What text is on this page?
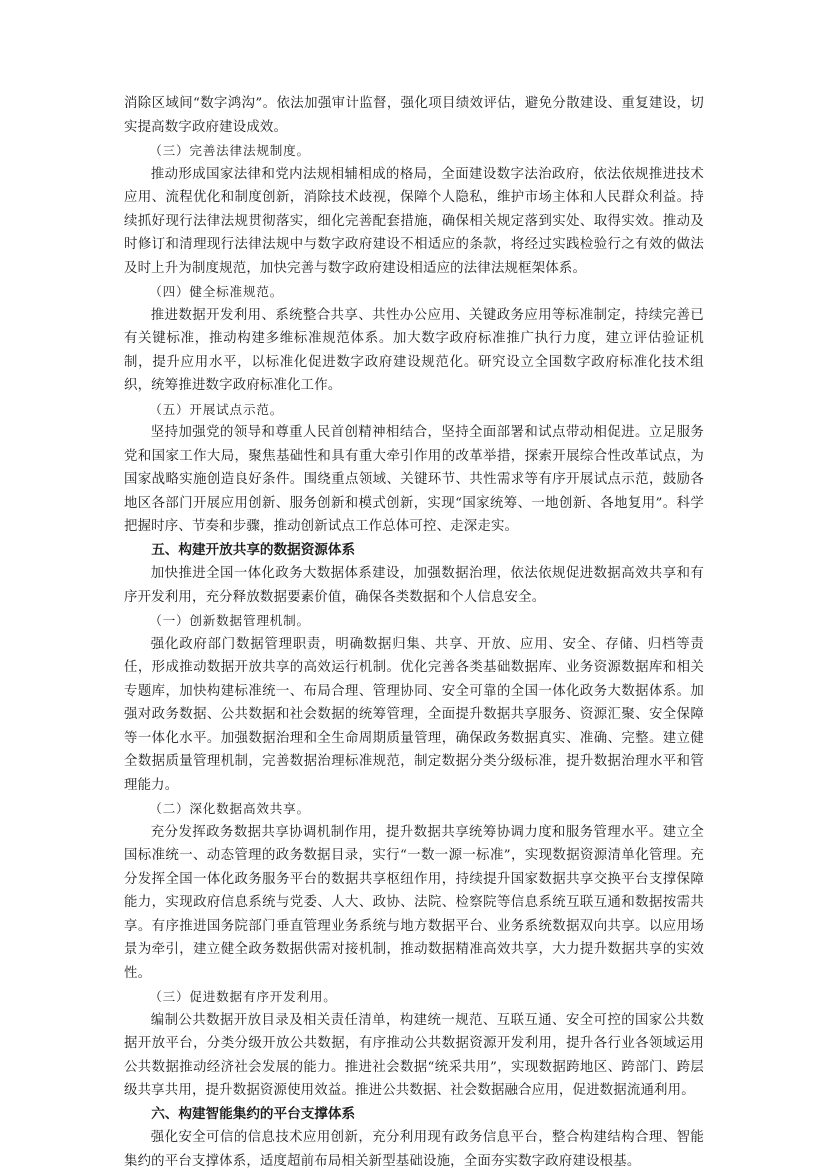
消除区域间“数字鸿沟”。依法加强审计监督，强化项目绩效评估，避免分散建设、重复建设，切实提高数字政府建设成效。

（三）完善法律法规制度。

推动形成国家法律和党内法规相辅相成的格局，全面建设数字法治政府，依法依规推进技术应用、流程优化和制度创新，消除技术歧视，保障个人隐私，维护市场主体和人民群众利益。持续抓好现行法律法规贯彻落实，细化完善配套措施，确保相关规定落到实处、取得实效。推动及时修订和清理现行法律法规中与数字政府建设不相适应的条款，将经过实践检验行之有效的做法及时上升为制度规范，加快完善与数字政府建设相适应的法律法规框架体系。

（四）健全标准规范。

推进数据开发利用、系统整合共享、共性办公应用、关键政务应用等标准制定，持续完善已有关键标准，推动构建多维标准规范体系。加大数字政府标准推广执行力度，建立评估验证机制，提升应用水平，以标准化促进数字政府建设规范化。研究设立全国数字政府标准化技术组织，统筹推进数字政府标准化工作。

（五）开展试点示范。

坚持加强党的领导和尊重人民首创精神相结合，坚持全面部署和试点带动相促进。立足服务党和国家工作大局，聚焦基础性和具有重大牵引作用的改革举措，探索开展综合性改革试点，为国家战略实施创造良好条件。围绕重点领域、关键环节、共性需求等有序开展试点示范，鼓励各地区各部门开展应用创新、服务创新和模式创新，实现“国家统筹、一地创新、各地复用”。科学把握时序、节奏和步骤，推动创新试点工作总体可控、走深走实。

五、构建开放共享的数据资源体系

加快推进全国一体化政务大数据体系建设，加强数据治理，依法依规促进数据高效共享和有序开发利用，充分释放数据要素价值，确保各类数据和个人信息安全。

（一）创新数据管理机制。

强化政府部门数据管理职责，明确数据归集、共享、开放、应用、安全、存储、归档等责任，形成推动数据开放共享的高效运行机制。优化完善各类基础数据库、业务资源数据库和相关专题库，加快构建标准统一、布局合理、管理协同、安全可靠的全国一体化政务大数据体系。加强对政务数据、公共数据和社会数据的统筹管理，全面提升数据共享服务、资源汇聚、安全保障等一体化水平。加强数据治理和全生命周期质量管理，确保政务数据真实、准确、完整。建立健全数据质量管理机制，完善数据治理标准规范，制定数据分类分级标准，提升数据治理水平和管理能力。

（二）深化数据高效共享。

充分发挥政务数据共享协调机制作用，提升数据共享统筹协调力度和服务管理水平。建立全国标准统一、动态管理的政务数据目录，实行“一数一源一标准”，实现数据资源清单化管理。充分发挥全国一体化政务服务平台的数据共享枢纽作用，持续提升国家数据共享交换平台支撑保障能力，实现政府信息系统与党委、人大、政协、法院、检察院等信息系统互联互通和数据按需共享。有序推进国务院部门垂直管理业务系统与地方数据平台、业务系统数据双向共享。以应用场景为牵引，建立健全政务数据供需对接机制，推动数据精准高效共享，大力提升数据共享的实效性。

（三）促进数据有序开发利用。

编制公共数据开放目录及相关责任清单，构建统一规范、互联互通、安全可控的国家公共数据开放平台，分类分级开放公共数据，有序推动公共数据资源开发利用，提升各行业各领域运用公共数据推动经济社会发展的能力。推进社会数据“统采共用”，实现数据跨地区、跨部门、跨层级共享共用，提升数据资源使用效益。推进公共数据、社会数据融合应用，促进数据流通利用。

六、构建智能集约的平台支撑体系

强化安全可信的信息技术应用创新，充分利用现有政务信息平台，整合构建结构合理、智能集约的平台支撑体系，适度超前布局相关新型基础设施，全面夯实数字政府建设根基。
